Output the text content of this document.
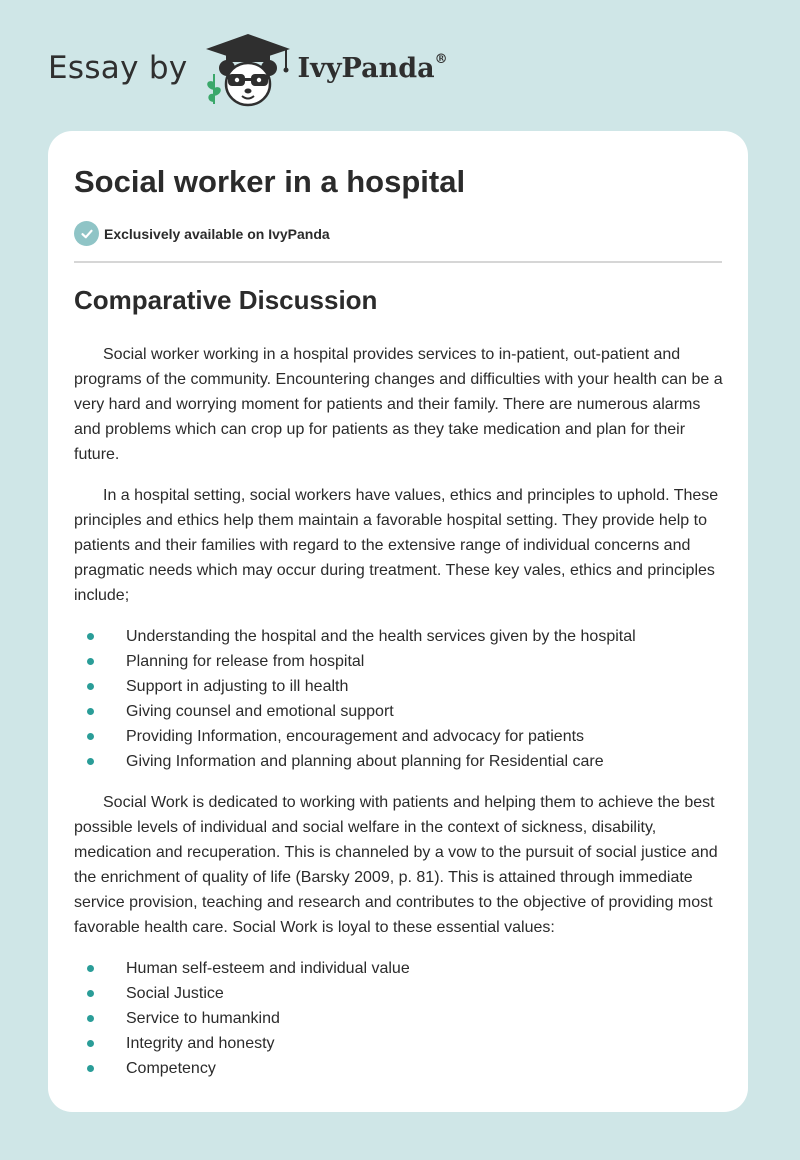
Essay by	IvyPanda®
Social worker in a hospital
Exclusively available on IvyPanda
Comparative Discussion

Social worker working in a hospital provides services to in-patient, out-patient and programs of the community. Encountering changes and difficulties with your health can be a very hard and worrying moment for patients and their family. There are numerous alarms and problems which can crop up for patients as they take medication and plan for their future.

In a hospital setting, social workers have values, ethics and principles to uphold. These principles and ethics help them maintain a favorable hospital setting. They provide help to patients and their families with regard to the extensive range of individual concerns and pragmatic needs which may occur during treatment. These key vales, ethics and principles include;

Understanding the hospital and the health services given by the hospital
Planning for release from hospital
Support in adjusting to ill health
Giving counsel and emotional support
Providing Information, encouragement and advocacy for patients
Giving Information and planning about planning for Residential care

Social Work is dedicated to working with patients and helping them to achieve the best possible levels of individual and social welfare in the context of sickness, disability, medication and recuperation. This is channeled by a vow to the pursuit of social justice and the enrichment of quality of life (Barsky 2009, p. 81). This is attained through immediate service provision, teaching and research and contributes to the objective of providing most favorable health care. Social Work is loyal to these essential values:

Human self-esteem and individual value
Social Justice
Service to humankind
Integrity and honesty
Competency
